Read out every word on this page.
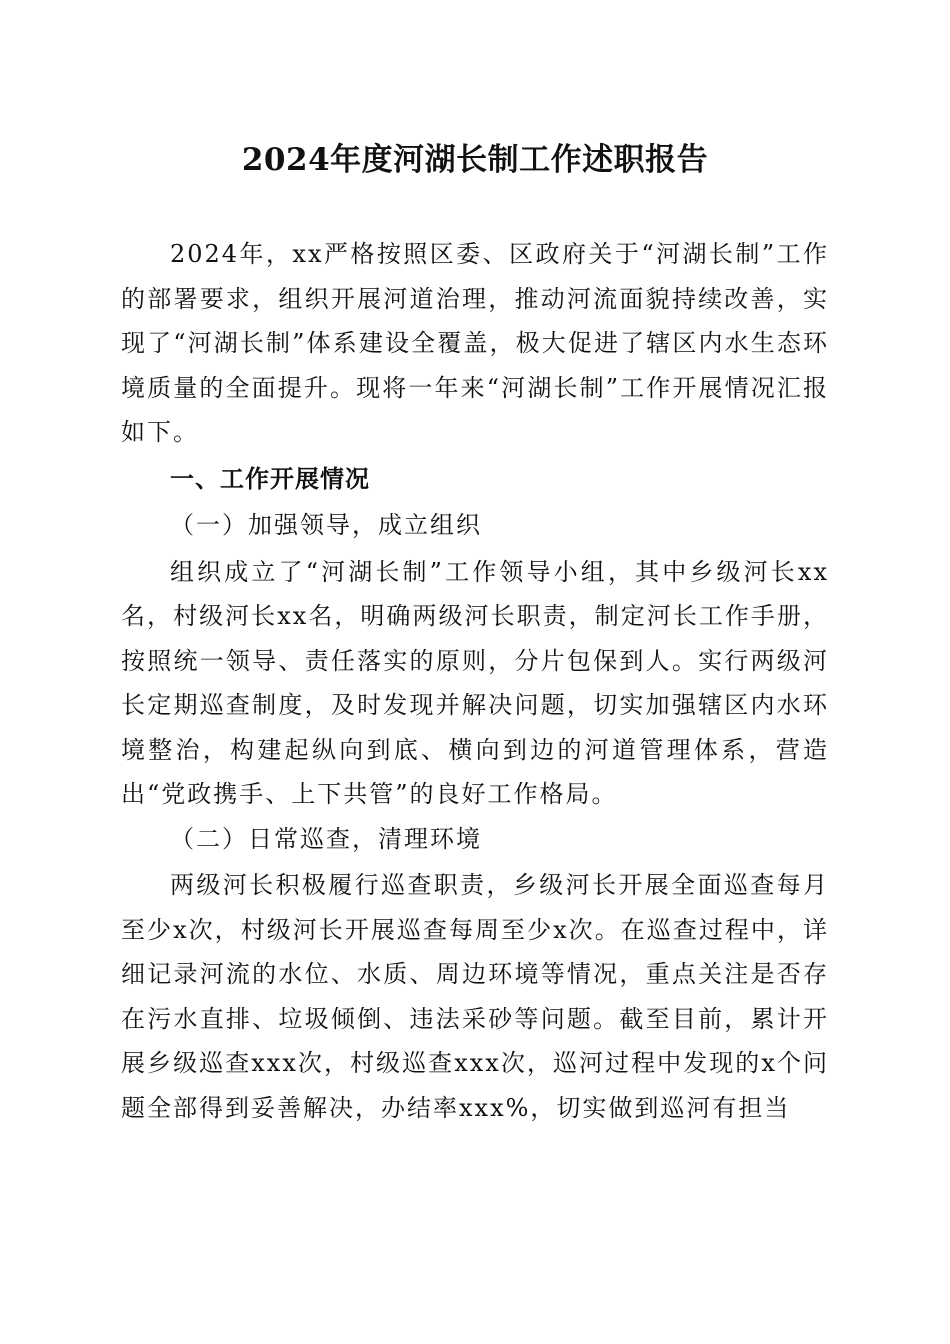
2024年度河湖长制工作述职报告

2024年，xx严格按照区委、区政府关于“河湖长制”工作的部署要求，组织开展河道治理，推动河流面貌持续改善，实现了“河湖长制”体系建设全覆盖，极大促进了辖区内水生态环境质量的全面提升。现将一年来“河湖长制”工作开展情况汇报如下。

一、工作开展情况

（一）加强领导，成立组织

组织成立了“河湖长制”工作领导小组，其中乡级河长xx名，村级河长xx名，明确两级河长职责，制定河长工作手册，按照统一领导、责任落实的原则，分片包保到人。实行两级河长定期巡查制度，及时发现并解决问题，切实加强辖区内水环境整治，构建起纵向到底、横向到边的河道管理体系，营造出“党政携手、上下共管”的良好工作格局。

（二）日常巡查，清理环境

两级河长积极履行巡查职责，乡级河长开展全面巡查每月至少x次，村级河长开展巡查每周至少x次。在巡查过程中，详细记录河流的水位、水质、周边环境等情况，重点关注是否存在污水直排、垃圾倾倒、违法采砂等问题。截至目前，累计开展乡级巡查xxx次，村级巡查xxx次，巡河过程中发现的x个问题全部得到妥善解决，办结率xxx%，切实做到巡河有担当
